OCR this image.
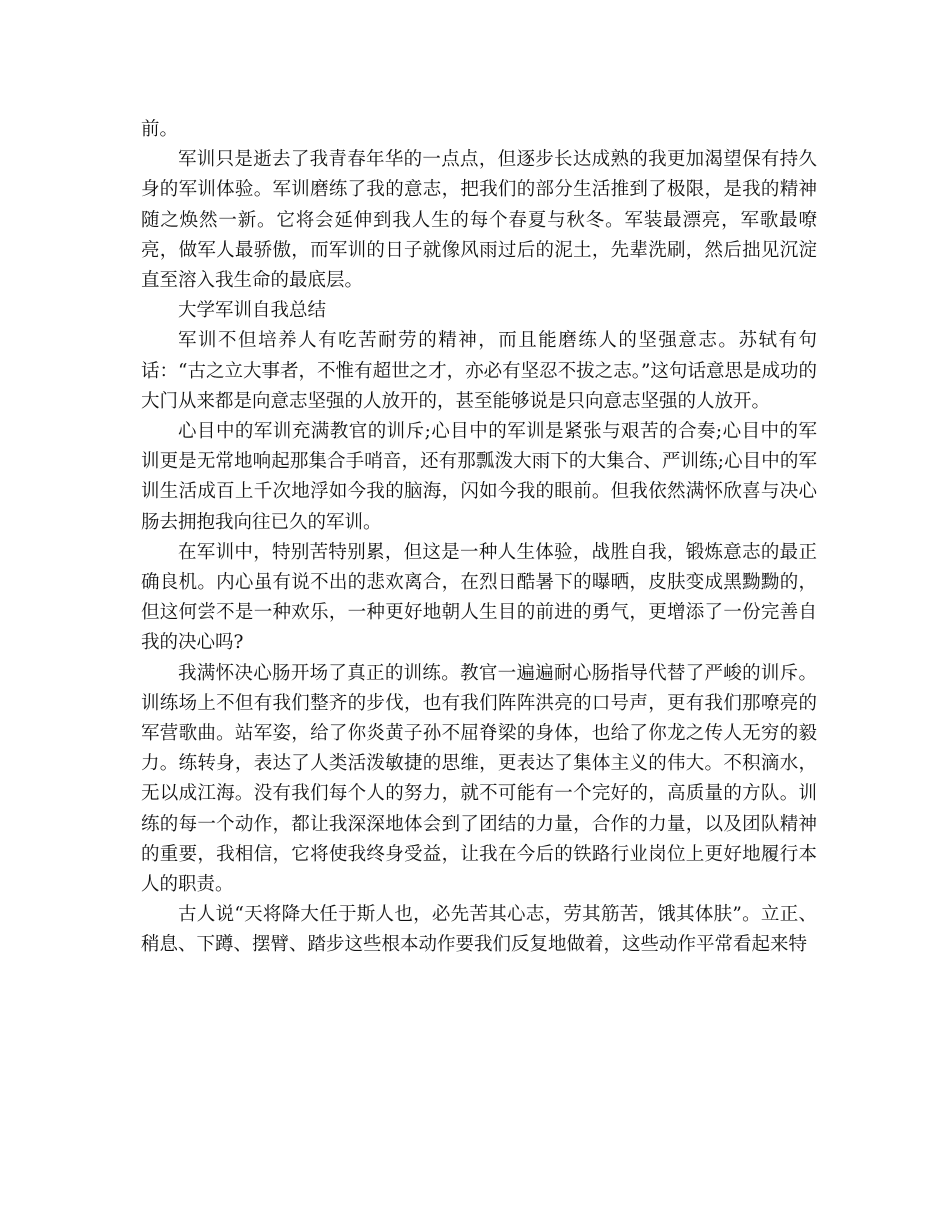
前。

军训只是逝去了我青春年华的一点点，但逐步长达成熟的我更加渴望保有持久身的军训体验。军训磨练了我的意志，把我们的部分生活推到了极限，是我的精神随之焕然一新。它将会延伸到我人生的每个春夏与秋冬。军装最漂亮，军歌最嘹亮，做军人最骄傲，而军训的日子就像风雨过后的泥土，先辈洗刷，然后拙见沉淀直至溶入我生命的最底层。

大学军训自我总结

军训不但培养人有吃苦耐劳的精神，而且能磨练人的坚强意志。苏轼有句话：“古之立大事者，不惟有超世之才，亦必有坚忍不拔之志。”这句话意思是成功的大门从来都是向意志坚强的人放开的，甚至能够说是只向意志坚强的人放开。

心目中的军训充满教官的训斥;心目中的军训是紧张与艰苦的合奏;心目中的军训更是无常地响起那集合手哨音，还有那瓢泼大雨下的大集合、严训练;心目中的军训生活成百上千次地浮如今我的脑海，闪如今我的眼前。但我依然满怀欣喜与决心肠去拥抱我向往已久的军训。

在军训中，特别苦特别累，但这是一种人生体验，战胜自我，锻炼意志的最正确良机。内心虽有说不出的悲欢离合，在烈日酷暑下的曝晒，皮肤变成黑黝黝的，但这何尝不是一种欢乐，一种更好地朝人生目的前进的勇气，更增添了一份完善自我的决心吗?

我满怀决心肠开场了真正的训练。教官一遍遍耐心肠指导代替了严峻的训斥。训练场上不但有我们整齐的步伐，也有我们阵阵洪亮的口号声，更有我们那嘹亮的军营歌曲。站军姿，给了你炎黄子孙不屈脊梁的身体，也给了你龙之传人无穷的毅力。练转身，表达了人类活泼敏捷的思维，更表达了集体主义的伟大。不积滴水，无以成江海。没有我们每个人的努力，就不可能有一个完好的，高质量的方队。训练的每一个动作，都让我深深地体会到了团结的力量，合作的力量，以及团队精神的重要，我相信，它将使我终身受益，让我在今后的铁路行业岗位上更好地履行本人的职责。

古人说“天将降大任于斯人也，必先苦其心志，劳其筋苦，饿其体肤”。立正、稍息、下蹲、摆臂、踏步这些根本动作要我们反复地做着，这些动作平常看起来特
